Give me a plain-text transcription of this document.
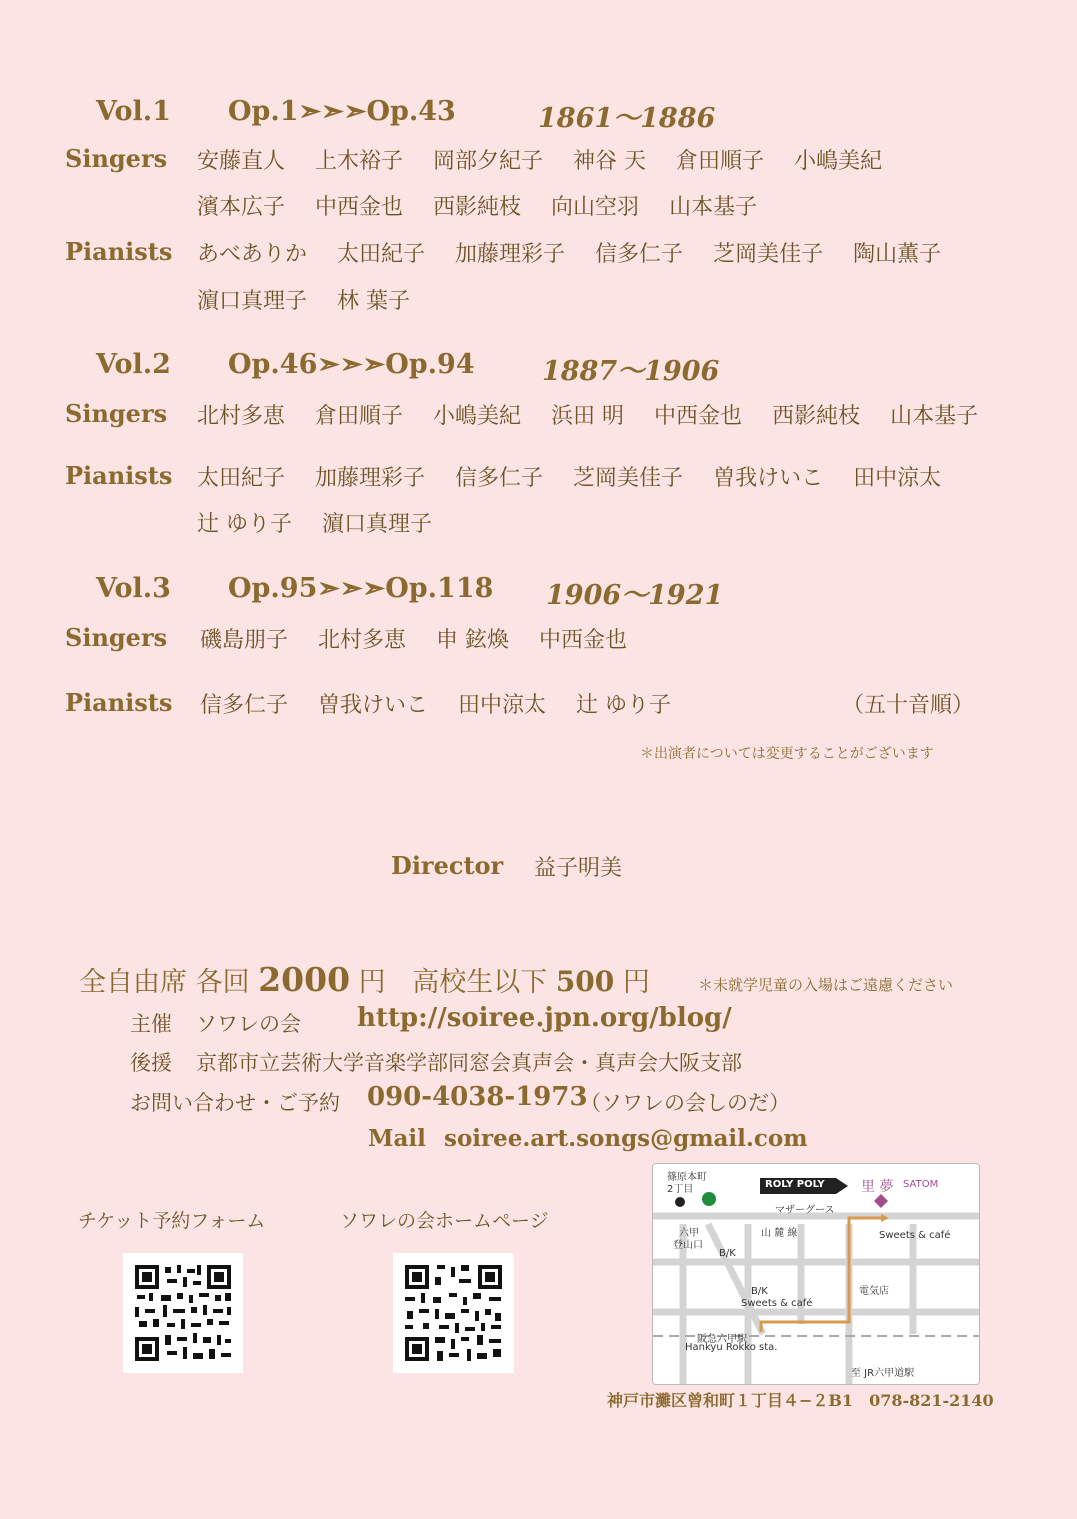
Vol.1 Op.1➣➣➣Op.43	1861〜1886
Singers 安藤直人 上木裕子 岡部夕紀子 神谷 天 倉田順子 小嶋美紀
濱本広子 中西金也 西影純枝 向山空羽 山本基子
Pianists あべありか 太田紀子 加藤理彩子 信多仁子 芝岡美佳子 陶山薫子
濵口真理子 林 葉子
Vol.2 Op.46➣➣➣Op.94 1887〜1906
Singers 北村多恵 倉田順子 小嶋美紀 浜田 明 中西金也 西影純枝 山本基子
Pianists 太田紀子 加藤理彩子 信多仁子 芝岡美佳子 曽我けいこ 田中涼太
辻 ゆり子 濵口真理子
Vol.3 Op.95➣➣➣Op.118 1906〜1921
Singers 磯島朋子 北村多恵 申 鉉煥 中西金也
Pianists 信多仁子 曽我けいこ 田中涼太 辻 ゆり子	（五十音順）
＊出演者については変更することがございます
Director 益子明美
全自由席 各回 2000 円 高校生以下 500 円	＊未就学児童の入場はご遠慮ください
主催 ソワレの会 http://soiree.jpn.org/blog/
後援 京都市立芸術大学音楽学部同窓会真声会・真声会大阪支部
お問い合わせ・ご予約 090-4038-1973
（ソワレの会しのだ）
Mail soiree.art.songs@gmail.com
チケット予約フォーム	ソワレの会ホームページ
篠原本町
2丁目	ROLY POLY	里 夢 SATOM
マザーグース
六甲
登山口
山 麓 線	Sweets & café
B/K
電気店
B/K
Sweets & café
阪急六甲駅
Hankyu Rokko sta.
至 JR六甲道駅
神戸市灘区曾和町１丁目４−２B1　078-821-2140
